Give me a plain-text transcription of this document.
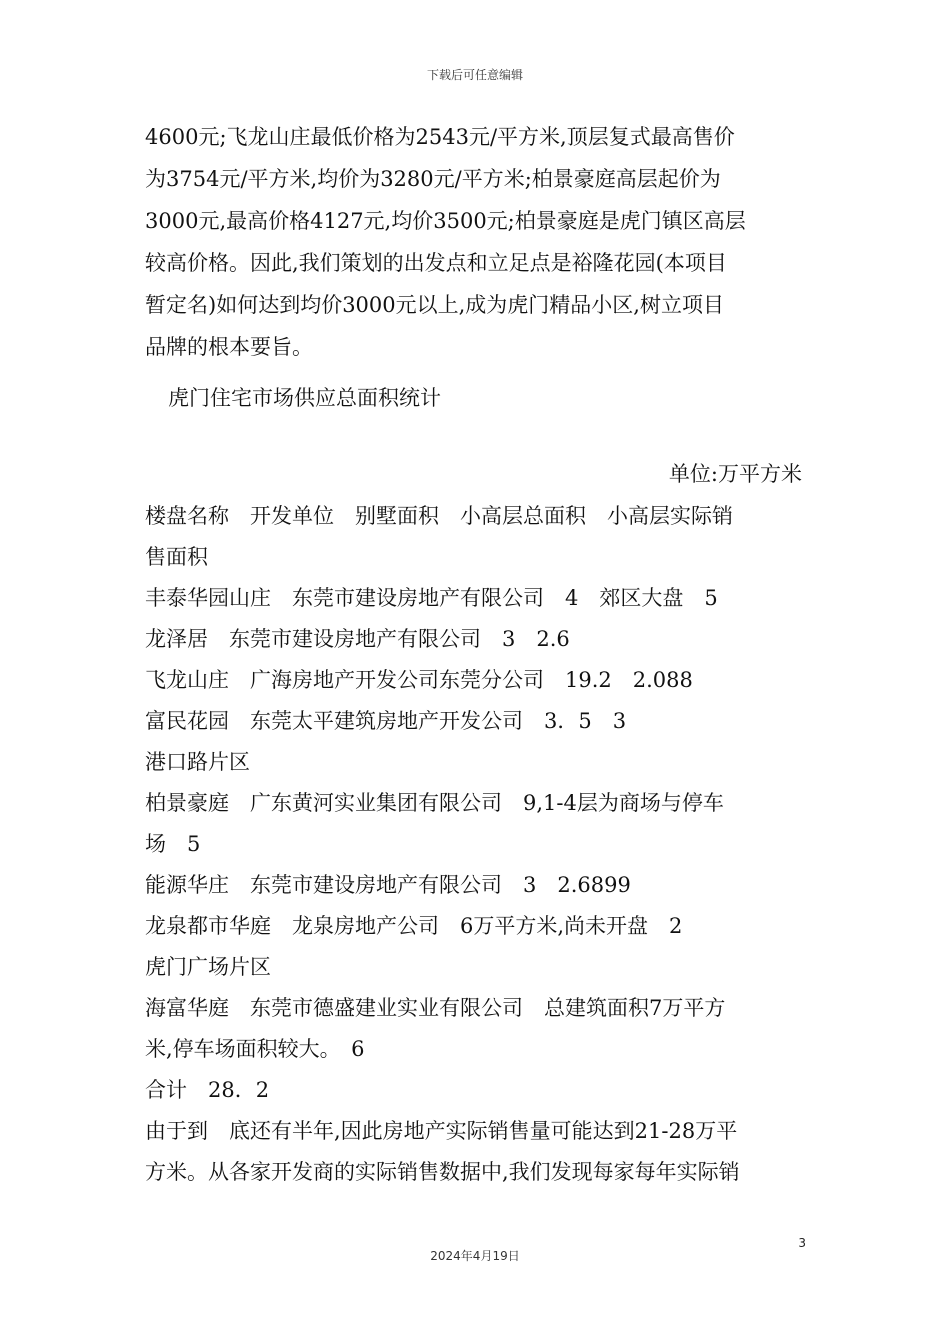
下载后可任意编辑
4600元;飞龙山庄最低价格为2543元/平方米,顶层复式最高售价
为3754元/平方米,均价为3280元/平方米;柏景豪庭高层起价为
3000元,最高价格4127元,均价3500元;柏景豪庭是虎门镇区高层
较高价格。因此,我们策划的出发点和立足点是裕隆花园(本项目
暂定名)如何达到均价3000元以上,成为虎门精品小区,树立项目
品牌的根本要旨。
虎门住宅市场供应总面积统计
单位:万平方米
楼盘名称　开发单位　别墅面积　小高层总面积　小高层实际销
售面积
丰泰华园山庄　东莞市建设房地产有限公司　4　郊区大盘　5
龙泽居　东莞市建设房地产有限公司　3　2.6
飞龙山庄　广海房地产开发公司东莞分公司　19.2　2.088
富民花园　东莞太平建筑房地产开发公司　3．5　3
港口路片区
柏景豪庭　广东黄河实业集团有限公司　9,1-4层为商场与停车
场　5
能源华庄　东莞市建设房地产有限公司　3　2.6899
龙泉都市华庭　龙泉房地产公司　6万平方米,尚未开盘　2
虎门广场片区
海富华庭　东莞市德盛建业实业有限公司　总建筑面积7万平方
米,停车场面积较大。　6
合计　28．2
由于到　底还有半年,因此房地产实际销售量可能达到21-28万平
方米。从各家开发商的实际销售数据中,我们发现每家每年实际销
3
2024年4月19日
